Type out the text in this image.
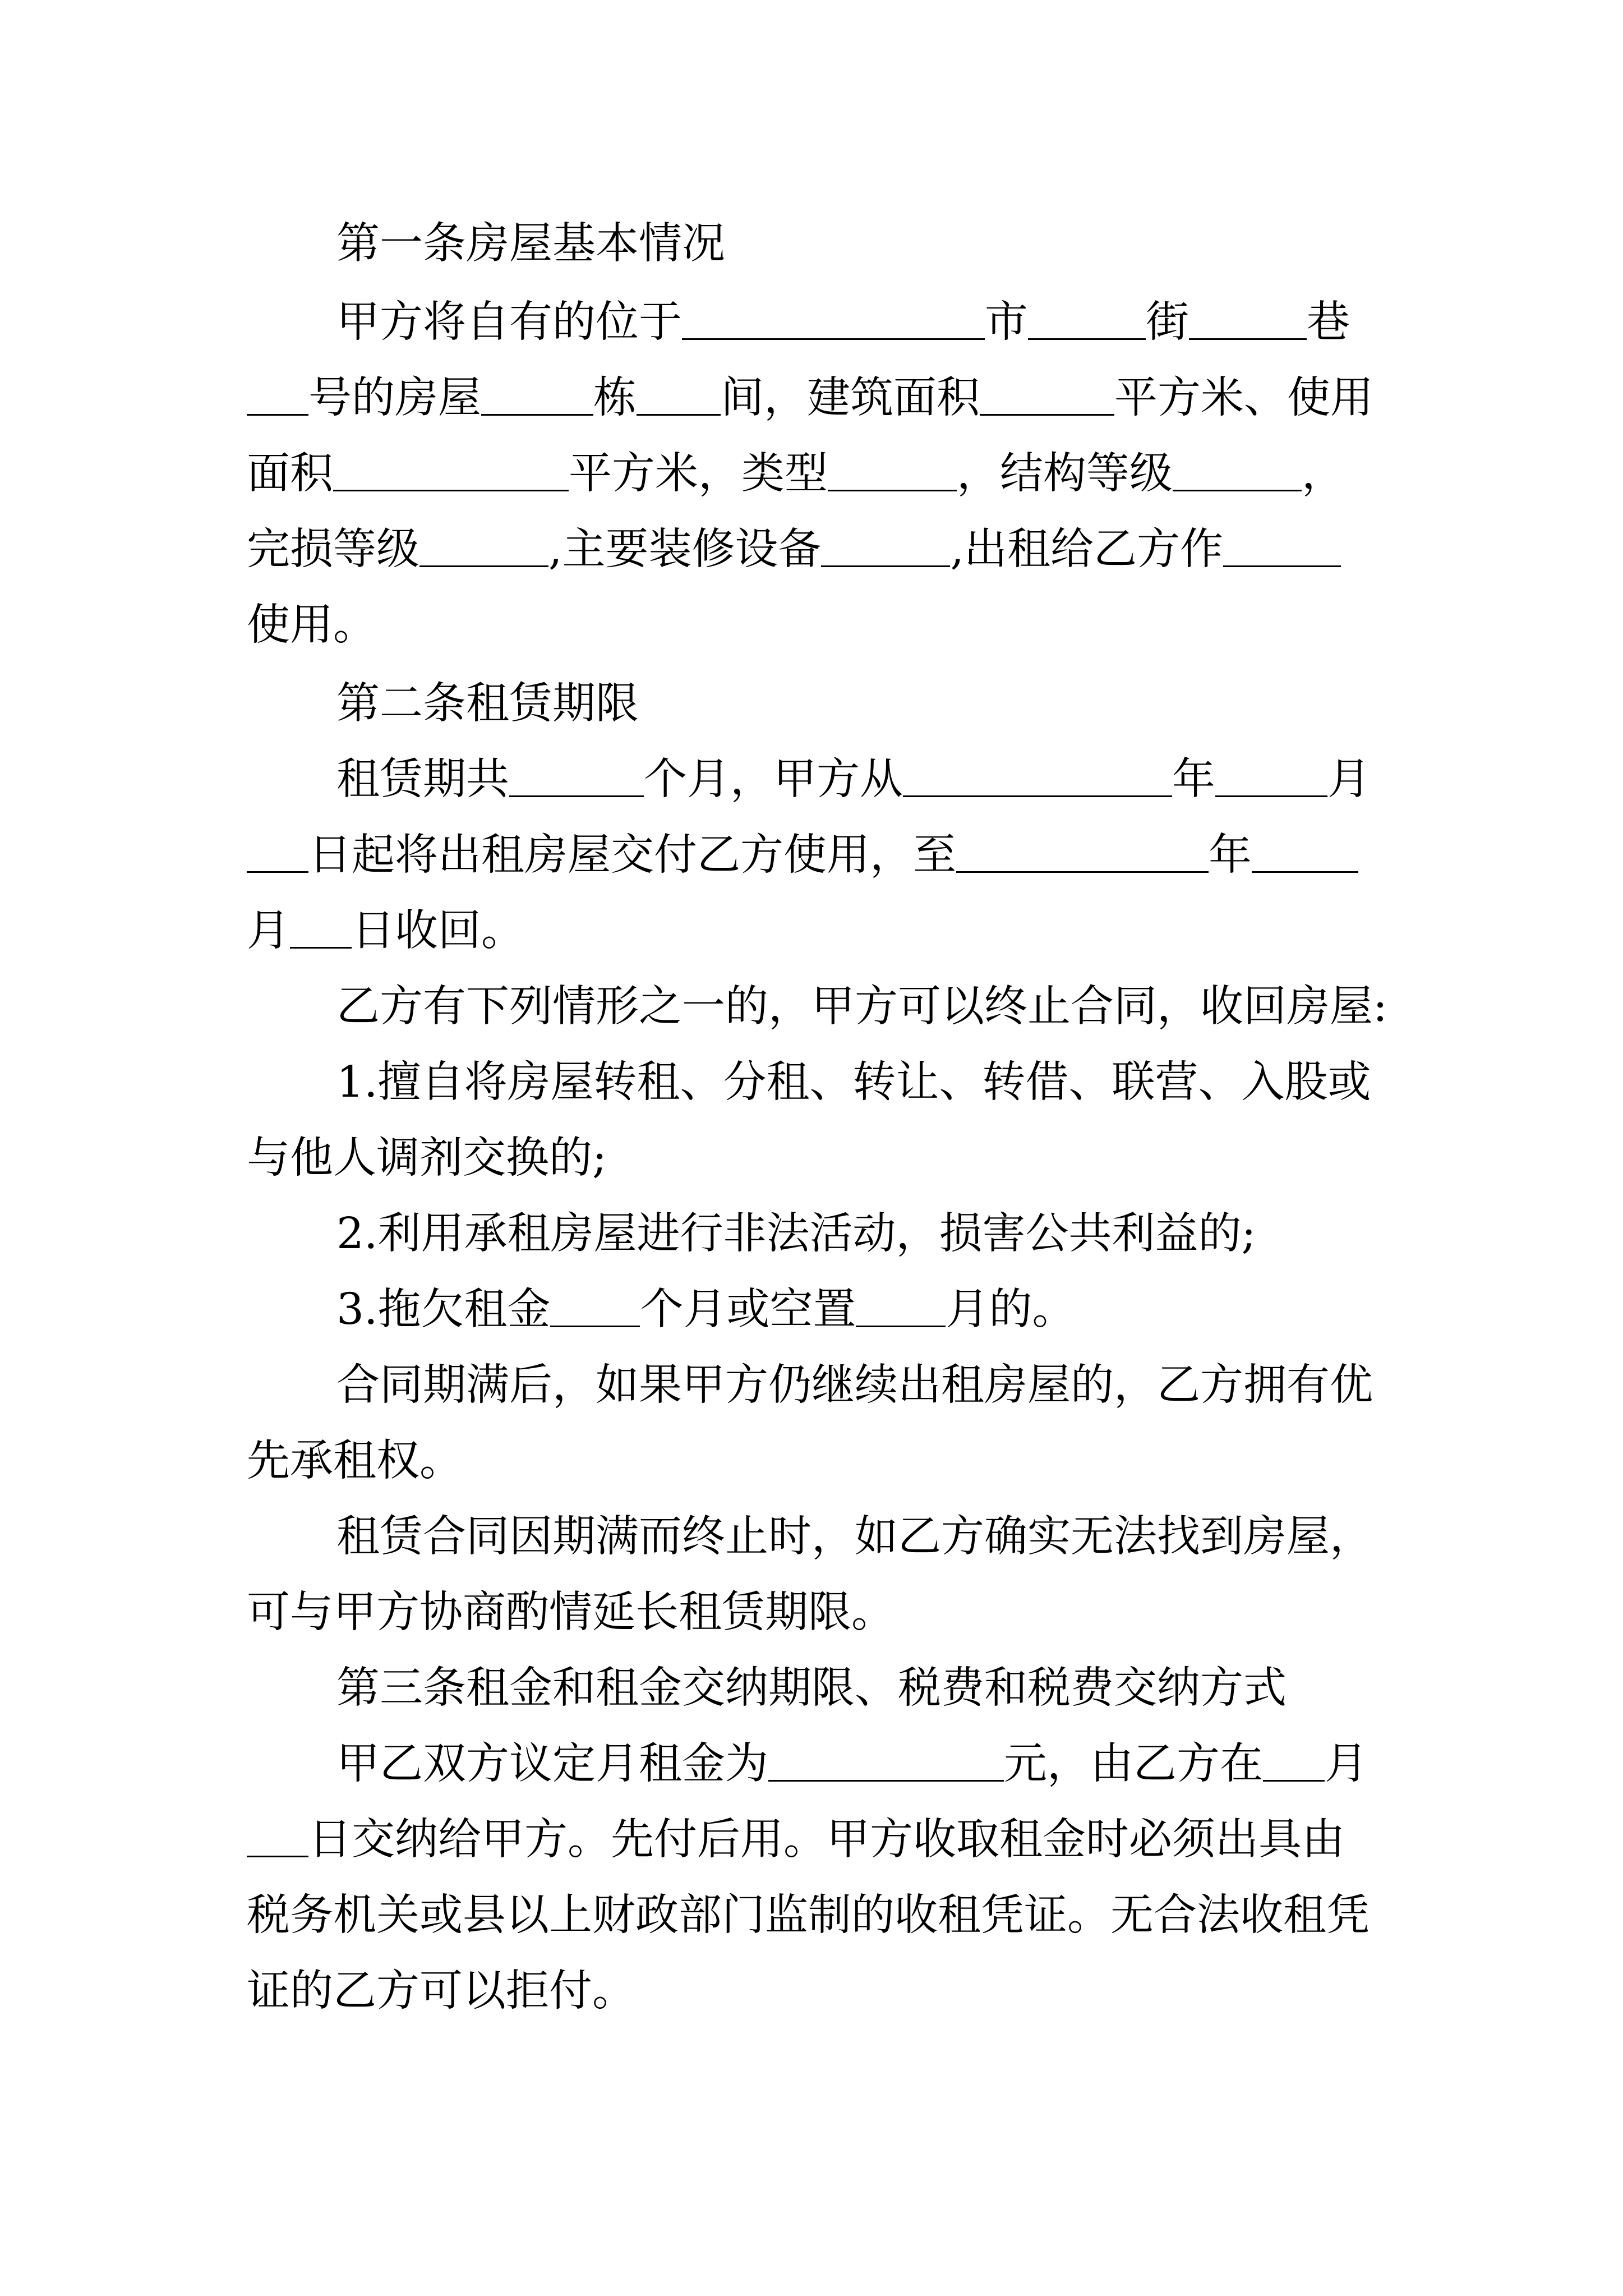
第一条房屋基本情况
甲方将自有的位于	市	街	巷
号的房屋	栋 间，建筑面积	平方米、使用
面积	平方米，类型	，结构等级	，
完损等级	,主要装修设备	,出租给乙方作
使用。
第二条租赁期限
租赁期共	个月，甲方从	年	月
日起将出租房屋交付乙方使用，至	年
月 日收回。
乙方有下列情形之一的，甲方可以终止合同，收回房屋:
1.擅自将房屋转租、分租、转让、转借、联营、入股或
与他人调剂交换的;
2.利用承租房屋进行非法活动，损害公共利益的;
3.拖欠租金 个月或空置 月的。
合同期满后，如果甲方仍继续出租房屋的，乙方拥有优
先承租权。
租赁合同因期满而终止时，如乙方确实无法找到房屋，
可与甲方协商酌情延长租赁期限。
第三条租金和租金交纳期限、税费和税费交纳方式
甲乙双方议定月租金为	元，由乙方在 月
日交纳给甲方。先付后用。甲方收取租金时必须出具由
税务机关或县以上财政部门监制的收租凭证。无合法收租凭
证的乙方可以拒付。
